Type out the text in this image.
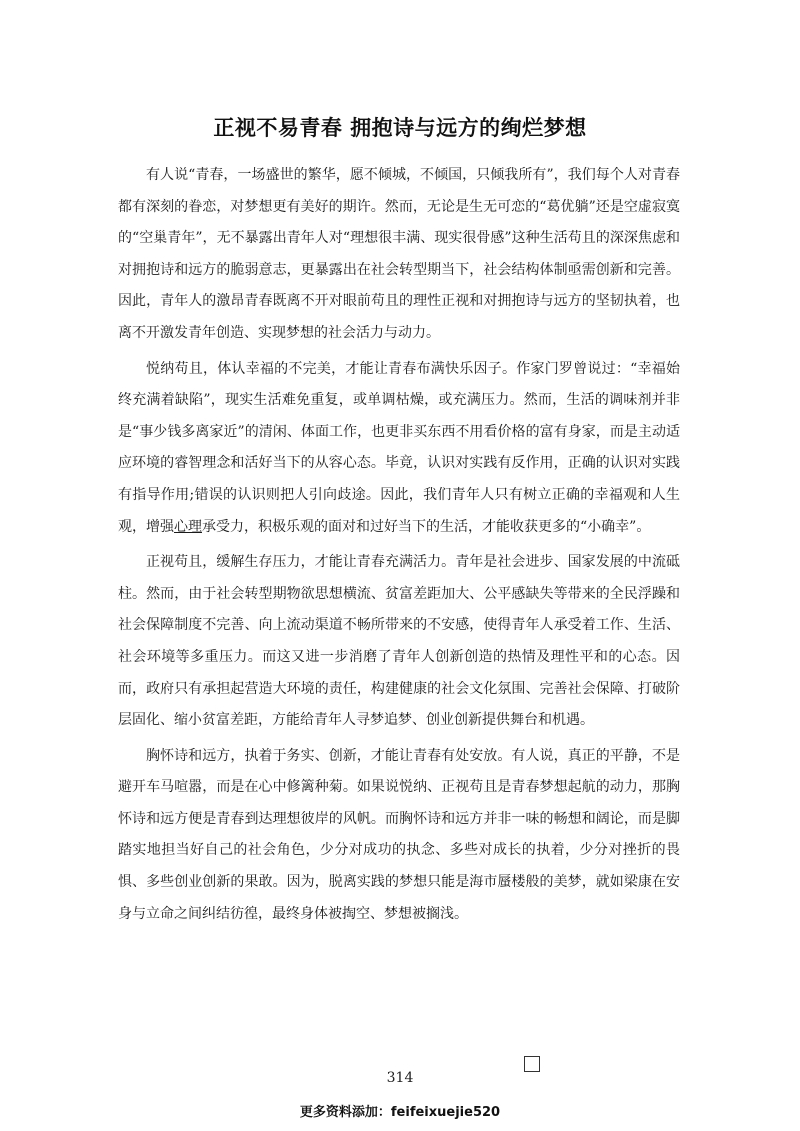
正视不易青春 拥抱诗与远方的绚烂梦想

有人说“青春，一场盛世的繁华，愿不倾城，不倾国，只倾我所有”，我们每个人对青春都有深刻的眷恋，对梦想更有美好的期许。然而，无论是生无可恋的“葛优躺”还是空虚寂寞的“空巢青年”，无不暴露出青年人对“理想很丰满、现实很骨感”这种生活苟且的深深焦虑和对拥抱诗和远方的脆弱意志，更暴露出在社会转型期当下，社会结构体制亟需创新和完善。因此，青年人的激昂青春既离不开对眼前苟且的理性正视和对拥抱诗与远方的坚韧执着，也离不开激发青年创造、实现梦想的社会活力与动力。

悦纳苟且，体认幸福的不完美，才能让青春布满快乐因子。作家门罗曾说过：“幸福始终充满着缺陷”，现实生活难免重复，或单调枯燥，或充满压力。然而，生活的调味剂并非是“事少钱多离家近”的清闲、体面工作，也更非买东西不用看价格的富有身家，而是主动适应环境的睿智理念和活好当下的从容心态。毕竟，认识对实践有反作用，正确的认识对实践有指导作用;错误的认识则把人引向歧途。因此，我们青年人只有树立正确的幸福观和人生观，增强心理承受力，积极乐观的面对和过好当下的生活，才能收获更多的“小确幸”。

正视苟且，缓解生存压力，才能让青春充满活力。青年是社会进步、国家发展的中流砥柱。然而，由于社会转型期物欲思想横流、贫富差距加大、公平感缺失等带来的全民浮躁和社会保障制度不完善、向上流动渠道不畅所带来的不安感，使得青年人承受着工作、生活、社会环境等多重压力。而这又进一步消磨了青年人创新创造的热情及理性平和的心态。因而，政府只有承担起营造大环境的责任，构建健康的社会文化氛围、完善社会保障、打破阶层固化、缩小贫富差距，方能给青年人寻梦追梦、创业创新提供舞台和机遇。

胸怀诗和远方，执着于务实、创新，才能让青春有处安放。有人说，真正的平静，不是避开车马喧嚣，而是在心中修篱种菊。如果说悦纳、正视苟且是青春梦想起航的动力，那胸怀诗和远方便是青春到达理想彼岸的风帆。而胸怀诗和远方并非一味的畅想和阔论，而是脚踏实地担当好自己的社会角色，少分对成功的执念、多些对成长的执着，少分对挫折的畏惧、多些创业创新的果敢。因为，脱离实践的梦想只能是海市蜃楼般的美梦，就如梁康在安身与立命之间纠结彷徨，最终身体被掏空、梦想被搁浅。

314
更多资料添加：feifeixuejie520
